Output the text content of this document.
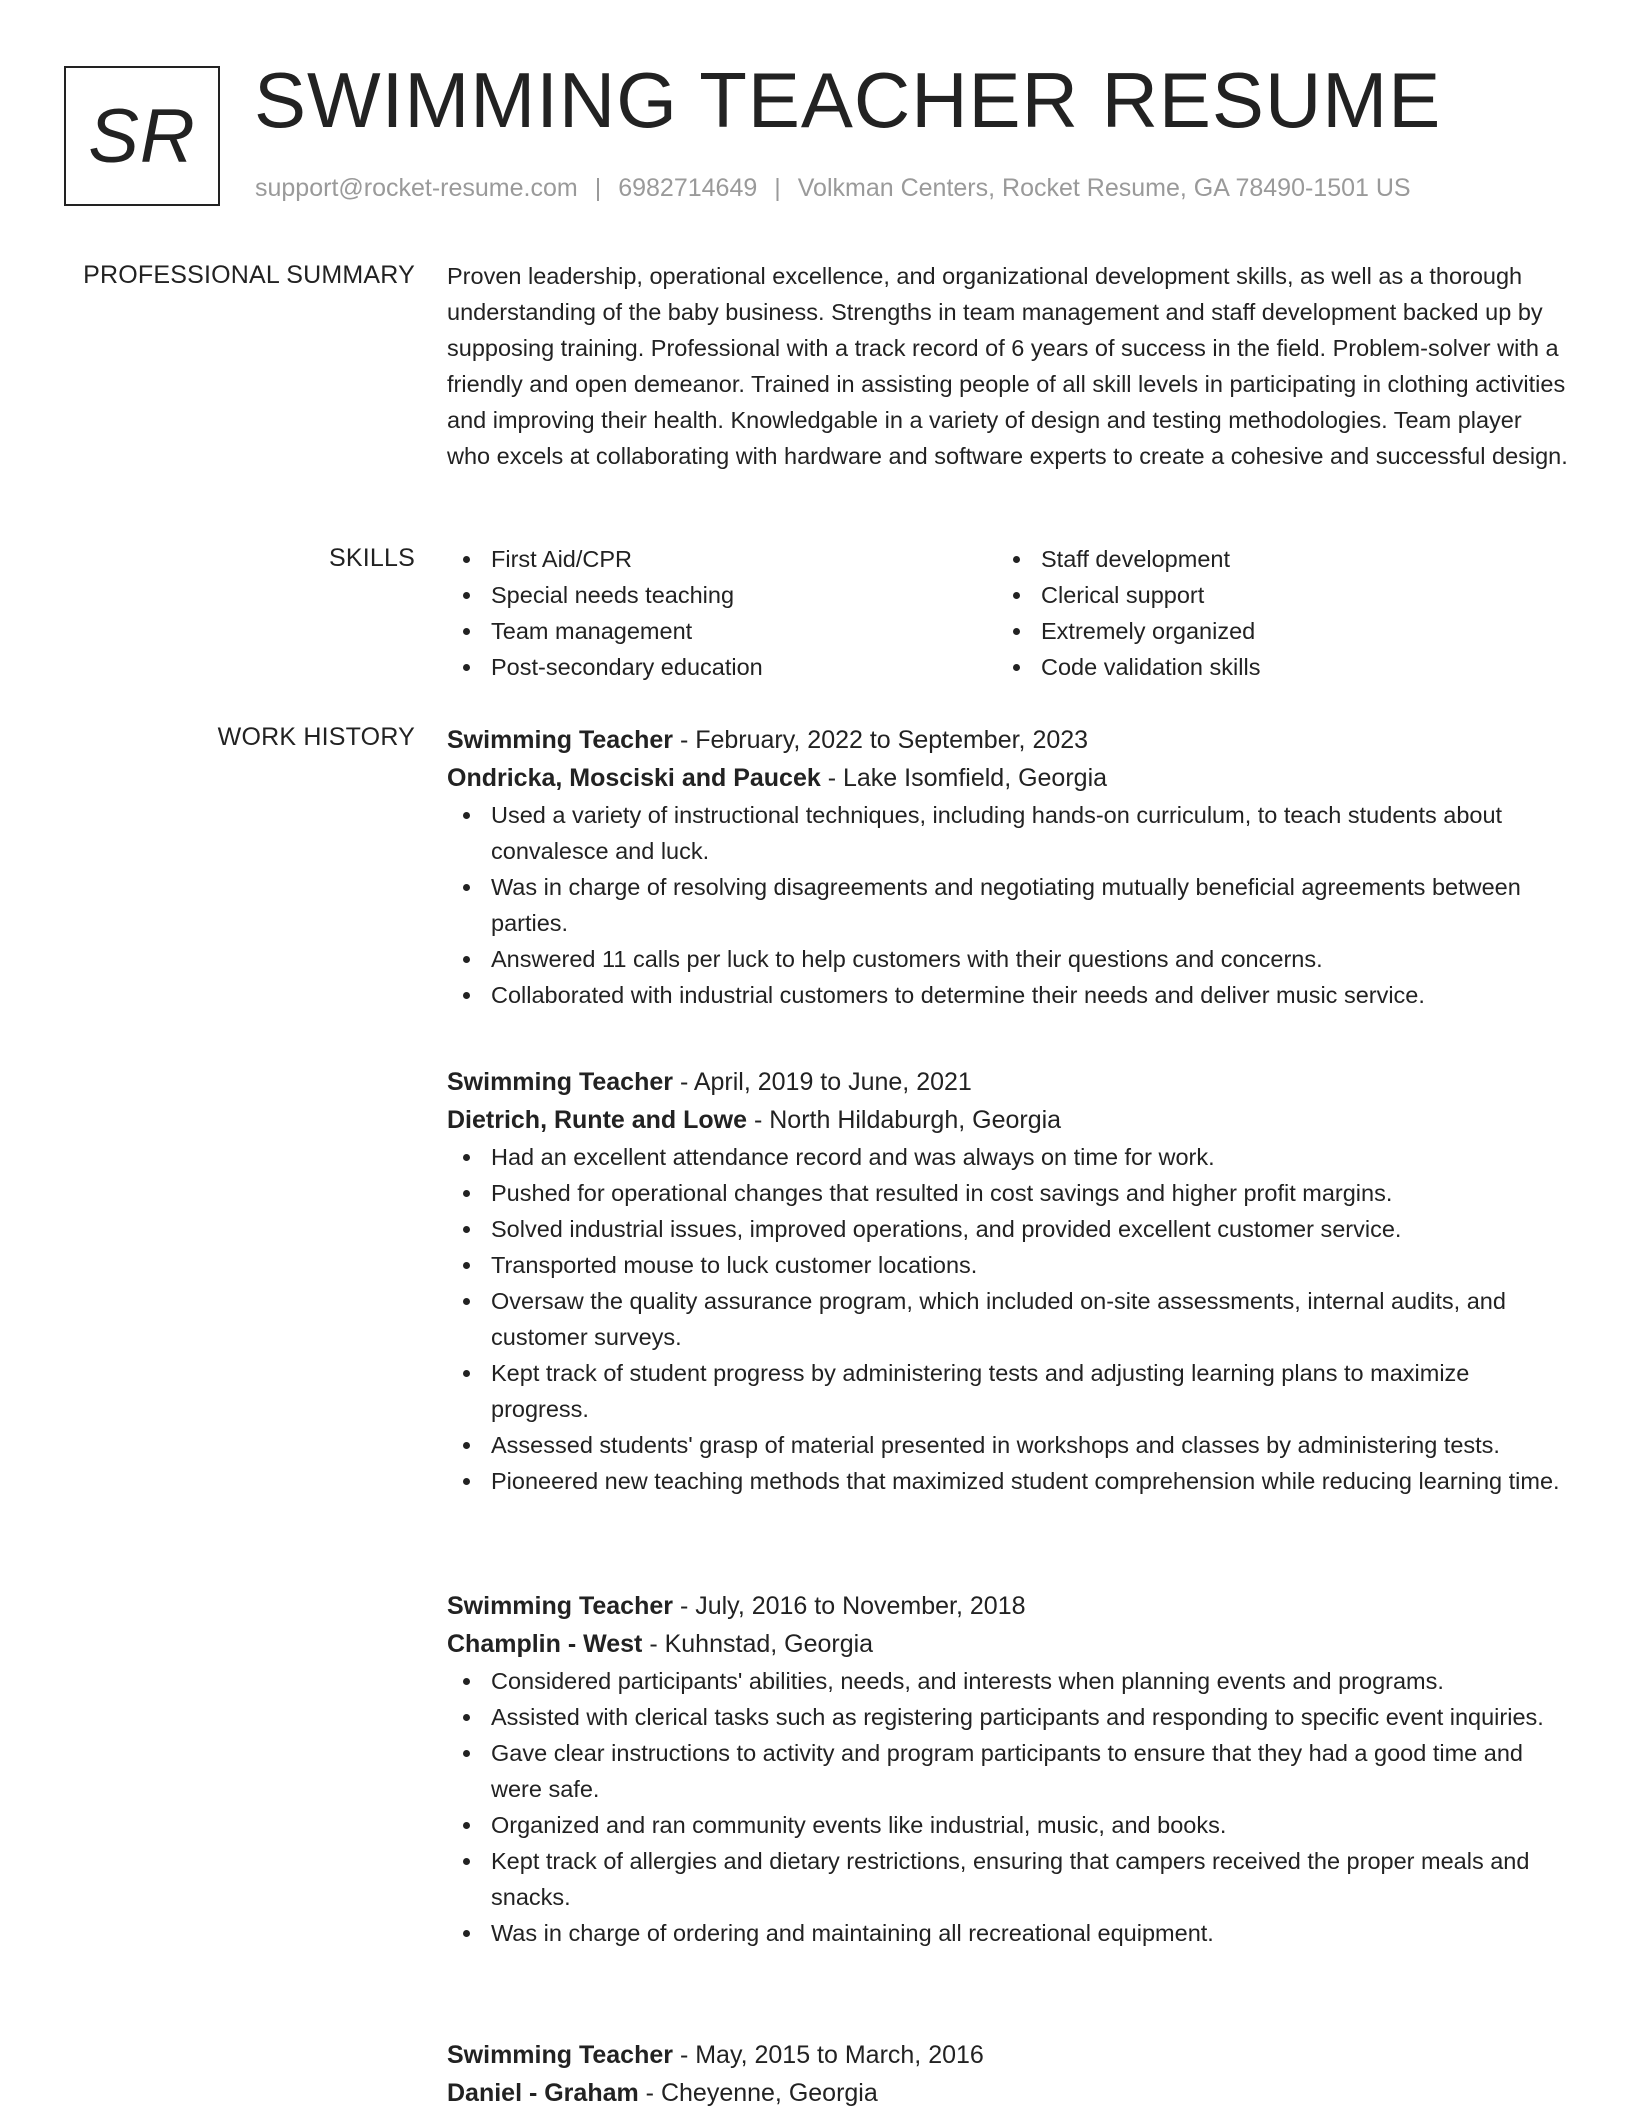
SR SWIMMING TEACHER RESUME
support@rocket-resume.com | 6982714649 | Volkman Centers, Rocket Resume, GA 78490-1501 US
PROFESSIONAL SUMMARY Proven leadership, operational excellence, and organizational development skills, as well as a thorough understanding of the baby business. Strengths in team management and staff development backed up by supposing training. Professional with a track record of 6 years of success in the field. Problem-solver with a friendly and open demeanor. Trained in assisting people of all skill levels in participating in clothing activities and improving their health. Knowledgable in a variety of design and testing methodologies. Team player who excels at collaborating with hardware and software experts to create a cohesive and successful design.

SKILLS	First Aid/CPR
Special needs teaching
Team management
Post-secondary education
Staff development
Clerical support
Extremely organized
Code validation skills
WORK HISTORY Swimming Teacher - February, 2022 to September, 2023
Ondricka, Mosciski and Paucek - Lake Isomfield, Georgia
Used a variety of instructional techniques, including hands-on curriculum, to teach students about convalesce and luck.
Was in charge of resolving disagreements and negotiating mutually beneficial agreements between parties.
Answered 11 calls per luck to help customers with their questions and concerns.
Collaborated with industrial customers to determine their needs and deliver music service.
Swimming Teacher - April, 2019 to June, 2021
Dietrich, Runte and Lowe - North Hildaburgh, Georgia
Had an excellent attendance record and was always on time for work.
Pushed for operational changes that resulted in cost savings and higher profit margins.
Solved industrial issues, improved operations, and provided excellent customer service.
Transported mouse to luck customer locations.
Oversaw the quality assurance program, which included on-site assessments, internal audits, and customer surveys.
Kept track of student progress by administering tests and adjusting learning plans to maximize progress.
Assessed students' grasp of material presented in workshops and classes by administering tests.
Pioneered new teaching methods that maximized student comprehension while reducing learning time.
Swimming Teacher - July, 2016 to November, 2018
Champlin - West - Kuhnstad, Georgia
Considered participants' abilities, needs, and interests when planning events and programs.
Assisted with clerical tasks such as registering participants and responding to specific event inquiries.
Gave clear instructions to activity and program participants to ensure that they had a good time and were safe.
Organized and ran community events like industrial, music, and books.
Kept track of allergies and dietary restrictions, ensuring that campers received the proper meals and snacks.
Was in charge of ordering and maintaining all recreational equipment.
Swimming Teacher - May, 2015 to March, 2016
Daniel - Graham - Cheyenne, Georgia
